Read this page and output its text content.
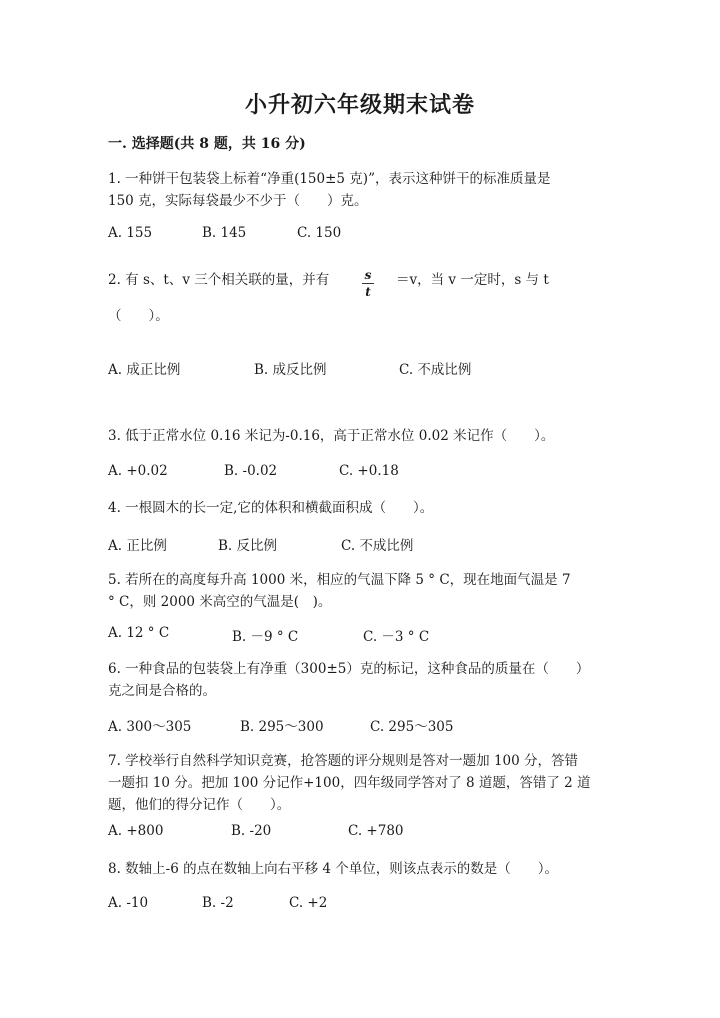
小升初六年级期末试卷
一. 选择题(共 8 题，共 16 分)
1. 一种饼干包装袋上标着“净重(150±5 克)”，表示这种饼干的标准质量是
150 克，实际每袋最少不少于（　　）克。
A. 155	B. 145	C. 150
2. 有 s、t、v 三个相关联的量，并有	s
t
＝v，当 v 一定时，s 与 t
（　　）。
A. 成正比例	B. 成反比例	C. 不成比例
3. 低于正常水位 0.16 米记为-0.16，高于正常水位 0.02 米记作（　　）。
A. +0.02	B. -0.02	C. +0.18
4. 一根圆木的长一定,它的体积和横截面积成（　　）。
A. 正比例	B. 反比例	C. 不成比例
5. 若所在的高度每升高 1000 米，相应的气温下降 5 ° C，现在地面气温是 7
° C，则 2000 米高空的气温是(　)。
A. 12 ° C	B. －9 ° C	C. －3 ° C
6. 一种食品的包装袋上有净重（300±5）克的标记，这种食品的质量在（　　）
克之间是合格的。
A. 300～305	B. 295～300	C. 295～305
7. 学校举行自然科学知识竞赛，抢答题的评分规则是答对一题加 100 分，答错
一题扣 10 分。把加 100 分记作+100，四年级同学答对了 8 道题，答错了 2 道
题，他们的得分记作（　　）。
A. +800	B. -20	C. +780
8. 数轴上-6 的点在数轴上向右平移 4 个单位，则该点表示的数是（　　）。
A. -10	B. -2	C. +2
